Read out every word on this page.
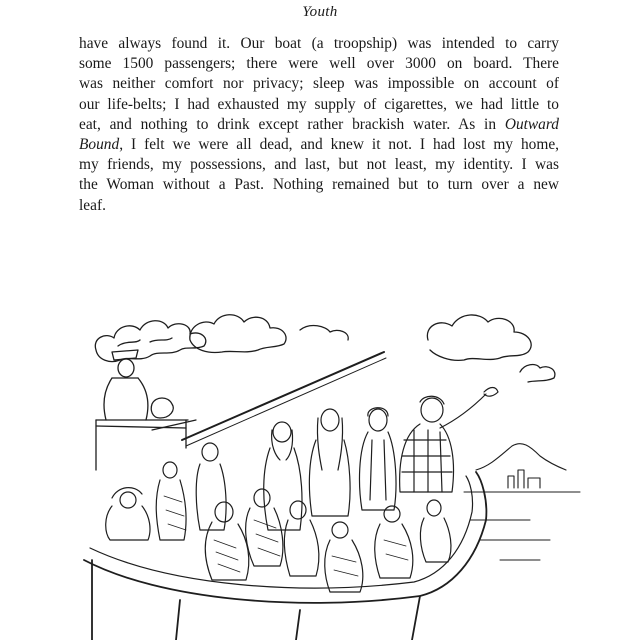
Youth
have always found it. Our boat (a troopship) was intended to carry
some 1500 passengers; there were well over 3000 on board. There
was neither comfort nor privacy; sleep was impossible on account of
our life-belts; I had exhausted my supply of cigarettes, we had little to
eat, and nothing to drink except rather brackish water. As in Outward
Bound, I felt we were all dead, and knew it not. I had lost my home,
my friends, my possessions, and last, but not least, my identity. I was
the Woman without a Past. Nothing remained but to turn over a new
leaf.
